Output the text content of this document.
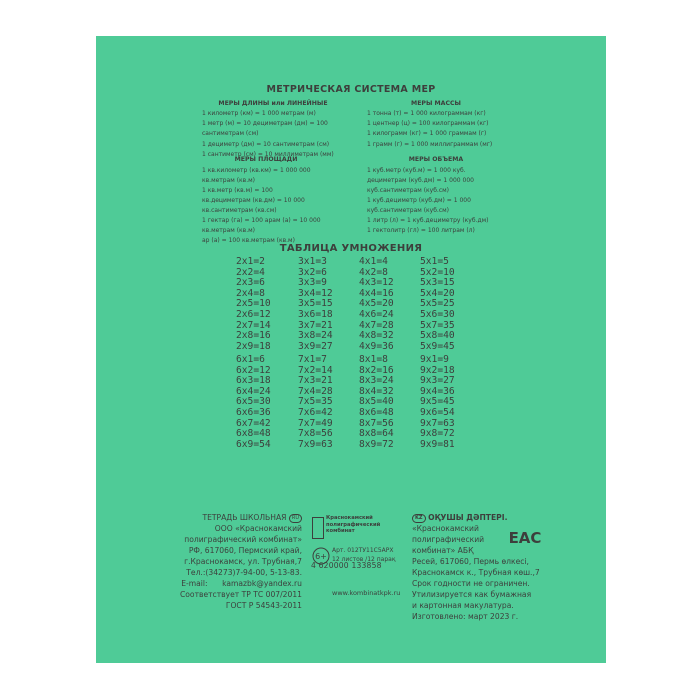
МЕТРИЧЕСКАЯ СИСТЕМА МЕР
МЕРЫ ДЛИНЫ или ЛИНЕЙНЫЕ
1 километр (км) = 1 000 метрам (м)
1 метр (м) = 10 дециметрам (дм) = 100
сантиметрам (см)
1 дециметр (дм) = 10 сантиметрам (см)
1 сантиметр (см) = 10 миллиметрам (мм)
МЕРЫ МАССЫ
1 тонна (т) = 1 000 килограммам (кг)
1 центнер (ц) = 100 килограммам (кг)
1 килограмм (кг) = 1 000 граммам (г)
1 грамм (г) = 1 000 миллиграммам (мг)
МЕРЫ ПЛОЩАДИ
1 кв.километр (кв.км) = 1 000 000
кв.метрам (кв.м)
1 кв.метр (кв.м) = 100
кв.дециметрам (кв.дм) = 10 000
кв.сантиметрам (кв.см)
1 гектар (га) = 100 арам (а) = 10 000
кв.метрам (кв.м)
ар (а) = 100 кв.метрам (кв.м)
МЕРЫ ОБЪЕМА
1 куб.метр (куб.м) = 1 000 куб.
дециметрам (куб.дм) = 1 000 000
куб.сантиметрам (куб.см)
1 куб.дециметр (куб.дм) = 1 000
куб.сантиметрам (куб.см)
1 литр (л) = 1 куб.дециметру (куб.дм)
1 гектолитр (гл) = 100 литрам (л)
ТАБЛИЦА УМНОЖЕНИЯ
2x1=2
2x2=4
2x3=6
2x4=8
2x5=10
2x6=12
2x7=14
2x8=16
2x9=18
3x1=3
3x2=6
3x3=9
3x4=12
3x5=15
3x6=18
3x7=21
3x8=24
3x9=27
4x1=4
4x2=8
4x3=12
4x4=16
4x5=20
4x6=24
4x7=28
4x8=32
4x9=36
5x1=5
5x2=10
5x3=15
5x4=20
5x5=25
5x6=30
5x7=35
5x8=40
5x9=45
6x1=6
6x2=12
6x3=18
6x4=24
6x5=30
6x6=36
6x7=42
6x8=48
6x9=54
7x1=7
7x2=14
7x3=21
7x4=28
7x5=35
7x6=42
7x7=49
7x8=56
7x9=63
8x1=8
8x2=16
8x3=24
8x4=32
8x5=40
8x6=48
8x7=56
8x8=64
8x9=72
9x1=9
9x2=18
9x3=27
9x4=36
9x5=45
9x6=54
9x7=63
9x8=72
9x9=81
ТЕТРАДЬ ШКОЛЬНАЯ RU
ООО «Краснокамский
полиграфический комбинат»
РФ, 617060, Пермский край,
г.Краснокамск, ул. Трубная,7
Тел.:(34273)7-94-00, 5-13-83.
E-mail:      kamazbk@yandex.ru
Соответствует ТР ТС 007/2011
ГОСТ Р 54543-2011
Краснокамский
полиграфический
комбинат
6+
Арт. 012ТУ11С5АРХ
12 листов /12 парақ
4 620000 133858
www.kombinatkpk.ru
KZ ОҚУШЫ ДӘПТЕРІ.
«Краснокамский
полиграфический
комбинат» АБҚ
Ресей, 617060, Пермь өлкесі,
Краснокамск к., Трубная көш.,7
Срок годности не ограничен.
Утилизируется как бумажная
и картонная макулатура.
Изготовлено: март 2023 г.
EAC
